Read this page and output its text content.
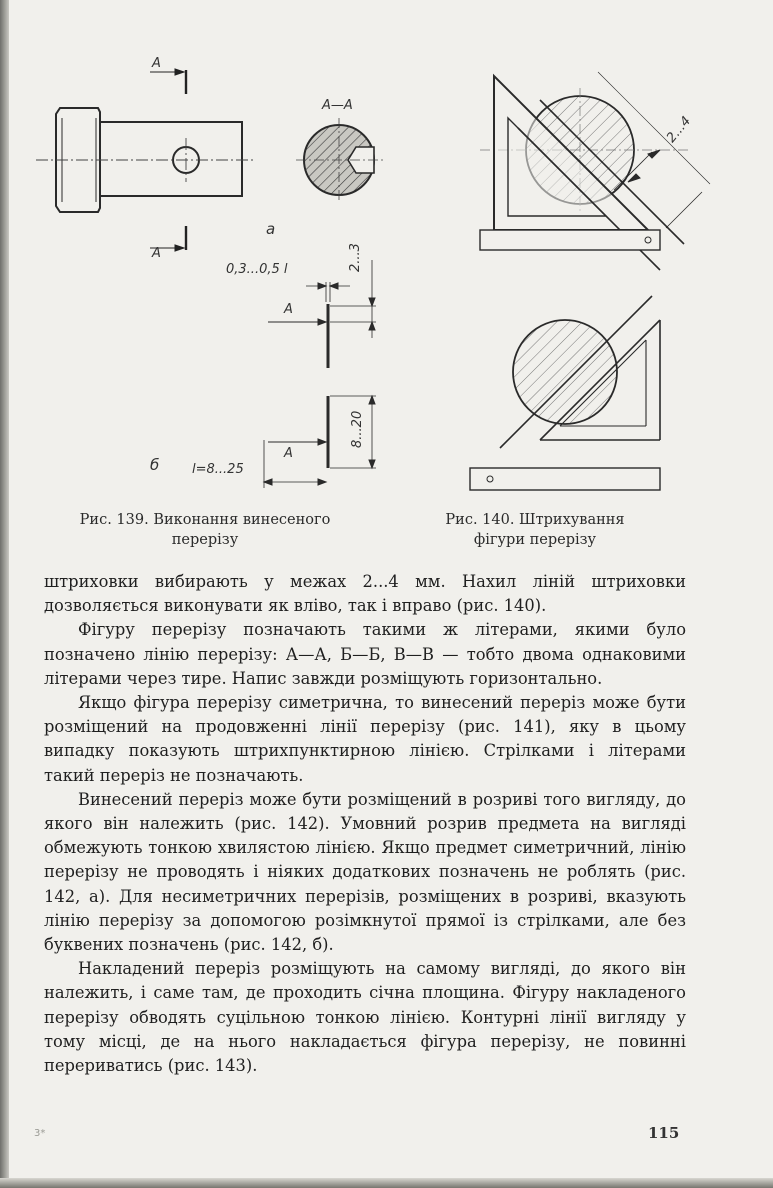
A
A
A—A
a
б
0,3...0,5 l	2...3
8...20
l=8...25
A
A
2...4
Рис. 139. Виконання винесеного
перерізу
Рис. 140. Штрихування
фігури перерізу

штриховки вибирають у межах 2...4 мм. Нахил ліній штриховки дозволяється виконувати як вліво, так і вправо (рис. 140).

Фігуру перерізу позначають такими ж літерами, якими було позначено лінію перерізу: А—А, Б—Б, В—В — тобто двома однаковими літерами через тире. Напис завжди розміщують горизонтально.

Якщо фігура перерізу симетрична, то винесений переріз може бути розміщений на продовженні лінії перерізу (рис. 141), яку в цьому випадку показують штрихпунктирною лінією. Стрілками і літерами такий переріз не позначають.

Винесений переріз може бути розміщений в розриві того вигляду, до якого він належить (рис. 142). Умовний розрив предмета на вигляді обмежують тонкою хвилястою лінією. Якщо предмет симетричний, лінію перерізу не проводять і ніяких додаткових позначень не роблять (рис. 142, а). Для несиметричних перерізів, розміщених в розриві, вказують лінію перерізу за допомогою розімкнутої прямої із стрілками, але без буквених позначень (рис. 142, б).

Накладений переріз розміщують на самому вигляді, до якого він належить, і саме там, де проходить січна площина. Фігуру накладеного перерізу обводять суцільною тонкою лінією. Контурні лінії вигляду у тому місці, де на нього накладається фігура перерізу, не повинні перериватись (рис. 143).

3*	115
